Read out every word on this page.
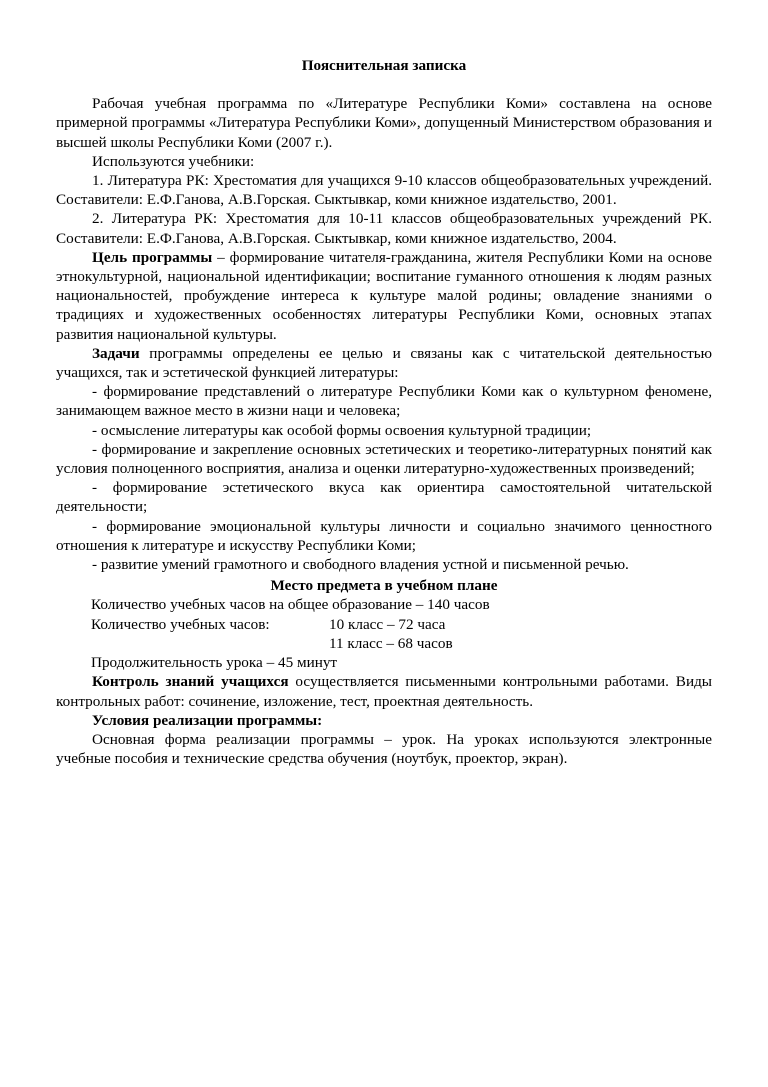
Пояснительная записка

Рабочая учебная программа по «Литературе Республики Коми» составлена на основе примерной программы «Литература Республики Коми», допущенный Министерством образования и высшей школы Республики Коми (2007 г.).

Используются учебники:

1. Литература РК: Хрестоматия для учащихся 9-10 классов общеобразовательных учреждений. Составители: Е.Ф.Ганова, А.В.Горская. Сыктывкар, коми книжное издательство, 2001.

2. Литература РК: Хрестоматия для 10-11 классов общеобразовательных учреждений РК. Составители: Е.Ф.Ганова, А.В.Горская. Сыктывкар, коми книжное издательство, 2004.

Цель программы – формирование читателя-гражданина, жителя Республики Коми на основе этнокультурной, национальной идентификации; воспитание гуманного отношения к людям разных национальностей, пробуждение интереса к культуре малой родины; овладение знаниями о традициях и художественных особенностях литературы Республики Коми, основных этапах развития национальной культуры.

Задачи программы определены ее целью и связаны как с читательской деятельностью учащихся, так и эстетической функцией литературы:

- формирование представлений о литературе Республики Коми как о культурном феномене, занимающем важное место в жизни наци и человека;

- осмысление литературы как особой формы освоения культурной традиции;

- формирование и закрепление основных эстетических и теоретико-литературных понятий как условия полноценного восприятия, анализа и оценки литературно-художественных произведений;

- формирование эстетического вкуса как ориентира самостоятельной читательской деятельности;

- формирование эмоциональной культуры личности и социально значимого ценностного отношения к литературе и искусству Республики Коми;

- развитие умений грамотного и свободного владения устной и письменной речью.

Место предмета в учебном плане

Количество учебных часов на общее образование – 140 часов

Количество учебных часов:	10 класс – 72 часа

11 класс – 68 часов

Продолжительность урока – 45 минут

Контроль знаний учащихся осуществляется письменными контрольными работами. Виды контрольных работ: сочинение, изложение, тест, проектная деятельность.

Условия реализации программы:

Основная форма реализации программы – урок. На уроках используются электронные учебные пособия и технические средства обучения (ноутбук, проектор, экран).
